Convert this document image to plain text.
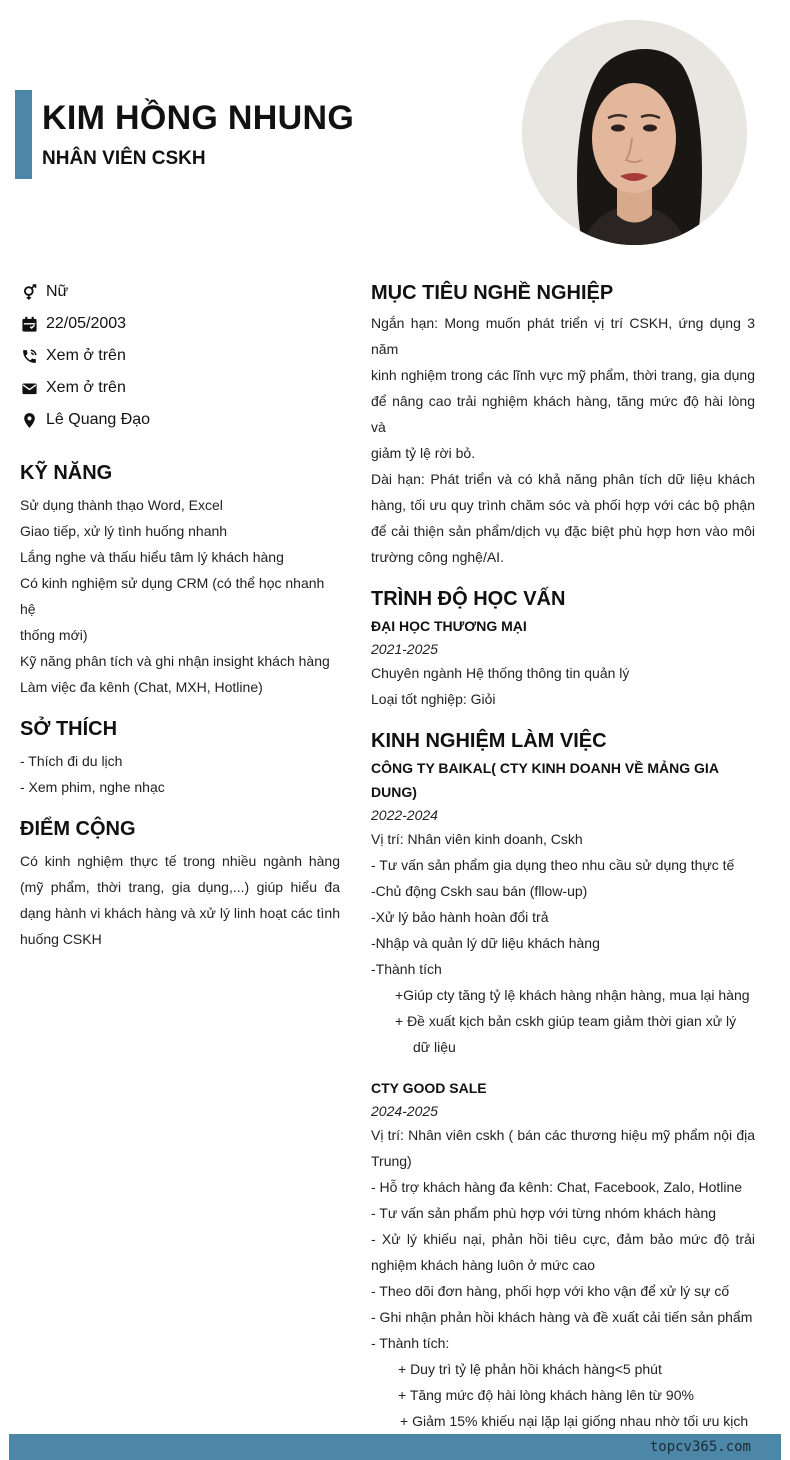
KIM HỒNG NHUNG
NHÂN VIÊN CSKH
Nữ
22/05/2003
Xem ở trên
Xem ở trên
Lê Quang Đạo
KỸ NĂNG
Sử dụng thành thạo Word, Excel
Giao tiếp, xử lý tình huống nhanh
Lắng nghe và thấu hiểu tâm lý khách hàng
Có kinh nghiệm sử dụng CRM (có thể học nhanh hệ
thống mới)
Kỹ năng phân tích và ghi nhận insight khách hàng
Làm việc đa kênh (Chat, MXH, Hotline)
SỞ THÍCH
- Thích đi du lịch
- Xem phim, nghe nhạc
ĐIỂM CỘNG
Có kinh nghiệm thực tế trong nhiều ngành hàng
(mỹ phẩm, thời trang, gia dụng,...) giúp hiểu đa
dạng hành vi khách hàng và xử lý linh hoạt các tình
huống CSKH
MỤC TIÊU NGHỀ NGHIỆP
Ngắn hạn: Mong muốn phát triển vị trí CSKH, ứng dụng 3 năm
kinh nghiệm trong các lĩnh vực mỹ phẩm, thời trang, gia dụng
để nâng cao trải nghiệm khách hàng, tăng mức độ hài lòng và
giảm tỷ lệ rời bỏ.
Dài hạn: Phát triển và có khả năng phân tích dữ liệu khách
hàng, tối ưu quy trình chăm sóc và phối hợp với các bộ phận
để cải thiện sản phẩm/dịch vụ đặc biệt phù hợp hơn vào môi
trường công nghệ/AI.
TRÌNH ĐỘ HỌC VẤN
ĐẠI HỌC THƯƠNG MẠI
2021-2025
Chuyên ngành Hệ thống thông tin quản lý
Loại tốt nghiệp: Giỏi
KINH NGHIỆM LÀM VIỆC
CÔNG TY BAIKAL( CTY KINH DOANH VỀ MẢNG GIA DUNG)
2022-2024
Vị trí: Nhân viên kinh doanh, Cskh
- Tư vấn sản phẩm gia dụng theo nhu cầu sử dụng thực tế
-Chủ động Cskh sau bán (fllow-up)
-Xử lý bảo hành hoàn đổi trả
-Nhập và quản lý dữ liệu khách hàng
-Thành tích
+Giúp cty tăng tỷ lệ khách hàng nhận hàng, mua lại hàng
+ Đề xuất kịch bản cskh giúp team giảm thời gian xử lý
dữ liệu
CTY GOOD SALE
2024-2025
Vị trí: Nhân viên cskh ( bán các thương hiệu mỹ phẩm nội địa
Trung)
- Hỗ trợ khách hàng đa kênh: Chat, Facebook, Zalo, Hotline
- Tư vấn sản phẩm phù hợp với từng nhóm khách hàng
- Xử lý khiếu nại, phản hồi tiêu cực, đảm bảo mức độ trải
nghiệm khách hàng luôn ở mức cao
- Theo dõi đơn hàng, phối hợp với kho vận để xử lý sự cố
- Ghi nhận phản hồi khách hàng và đề xuất cải tiến sản phẩm
- Thành tích:
+ Duy trì tỷ lệ phản hồi khách hàng<5 phút
+ Tăng mức độ hài lòng khách hàng lên từ 90%
+ Giảm 15% khiếu nại lặp lại giống nhau nhờ tối ưu kịch
topcv365.com
